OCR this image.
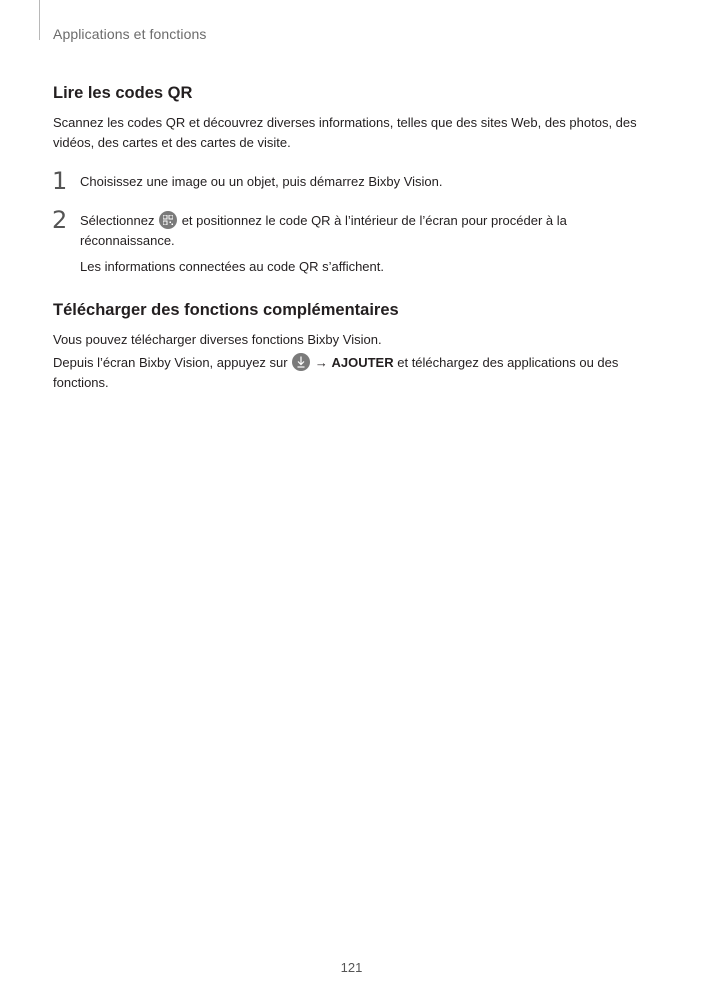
Applications et fonctions
Lire les codes QR

Scannez les codes QR et découvrez diverses informations, telles que des sites Web, des photos, des vidéos, des cartes et des cartes de visite.

1 Choisissez une image ou un objet, puis démarrez Bixby Vision.

2 Sélectionnez et positionnez le code QR à l’intérieur de l’écran pour procéder à la réconnaissance.

Les informations connectées au code QR s’affichent.

Télécharger des fonctions complémentaires

Vous pouvez télécharger diverses fonctions Bixby Vision.

Depuis l’écran Bixby Vision, appuyez sur → AJOUTER et téléchargez des applications ou des fonctions.

121
